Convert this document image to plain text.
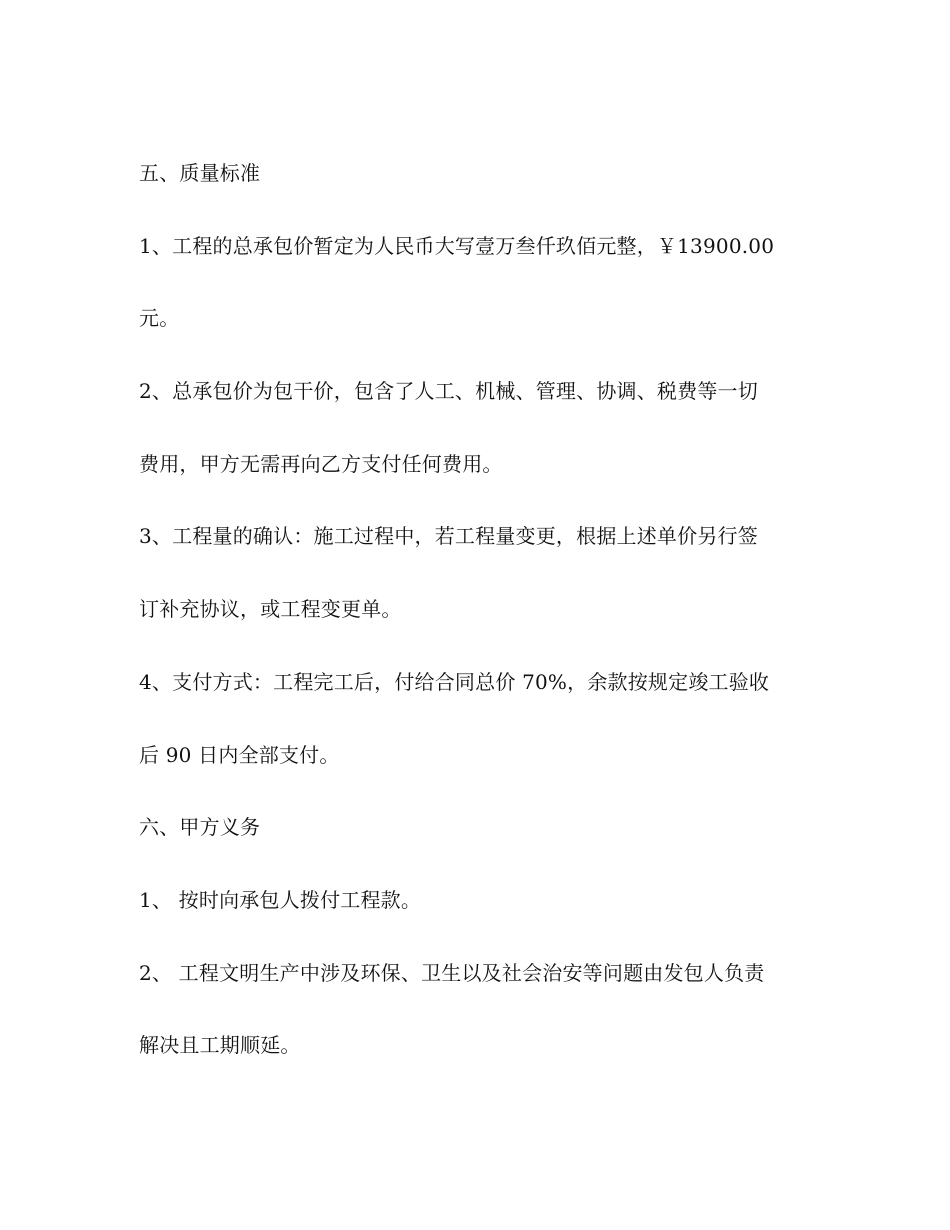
五、质量标准
1、工程的总承包价暂定为人民币大写壹万叁仟玖佰元整，￥13900.00
元。
2、总承包价为包干价，包含了人工、机械、管理、协调、税费等一切
费用，甲方无需再向乙方支付任何费用。
3、工程量的确认：施工过程中，若工程量变更，根据上述单价另行签
订补充协议，或工程变更单。
4、支付方式：工程完工后，付给合同总价 70%，余款按规定竣工验收
后 90 日内全部支付。
六、甲方义务
1、 按时向承包人拨付工程款。
2、 工程文明生产中涉及环保、卫生以及社会治安等问题由发包人负责
解决且工期顺延。
